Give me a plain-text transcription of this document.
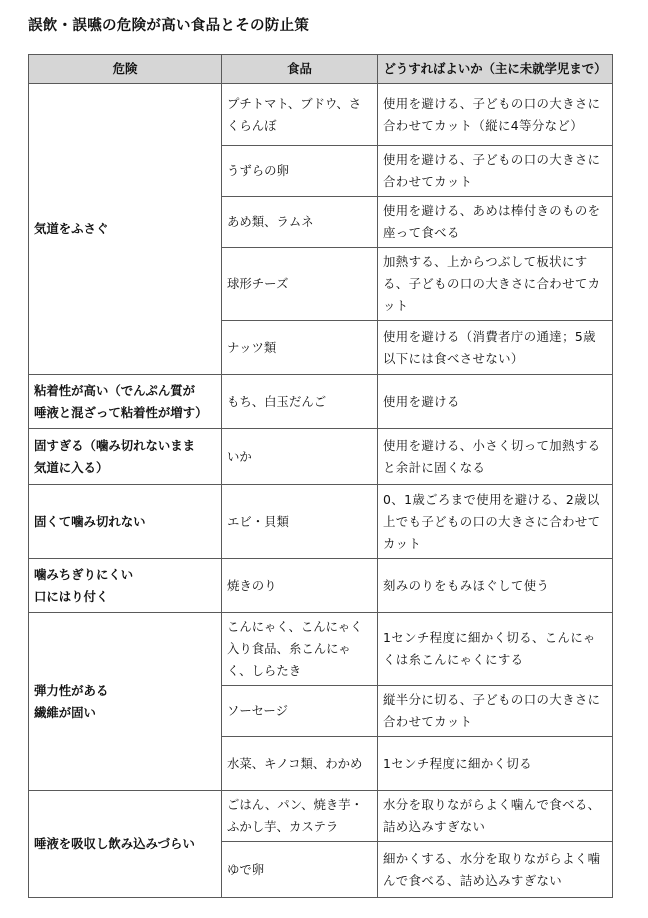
誤飲・誤嚥の危険が高い食品とその防止策
危険	食品	どうすればよいか（主に未就学児まで）

気道をふさぐ	プチトマト、ブドウ、さくらんぼ	使用を避ける、子どもの口の大きさに合わせてカット（縦に4等分など）
	うずらの卵	使用を避ける、子どもの口の大きさに合わせてカット
	あめ類、ラムネ	使用を避ける、あめは棒付きのものを座って食べる
	球形チーズ	加熱する、上からつぶして板状にする、子どもの口の大きさに合わせてカット
	ナッツ類	使用を避ける（消費者庁の通達；5歳以下には食べさせない）

粘着性が高い（でんぷん質が
唾液と混ざって粘着性が増す）	もち、白玉だんご	使用を避ける

固すぎる（噛み切れないまま
気道に入る）	いか	使用を避ける、小さく切って加熱すると余計に固くなる

固くて噛み切れない	エビ・貝類	0、1歳ごろまで使用を避ける、2歳以上でも子どもの口の大きさに合わせてカット

噛みちぎりにくい
口にはり付く	焼きのり	刻みのりをもみほぐして使う

弾力性がある
繊維が固い	こんにゃく、こんにゃく入り食品、糸こんにゃく、しらたき	1センチ程度に細かく切る、こんにゃくは糸こんにゃくにする
	ソーセージ	縦半分に切る、子どもの口の大きさに合わせてカット
	水菜、キノコ類、わかめ	1センチ程度に細かく切る

唾液を吸収し飲み込みづらい	ごはん、パン、焼き芋・ふかし芋、カステラ	水分を取りながらよく噛んで食べる、詰め込みすぎない
	ゆで卵	細かくする、水分を取りながらよく噛んで食べる、詰め込みすぎない
